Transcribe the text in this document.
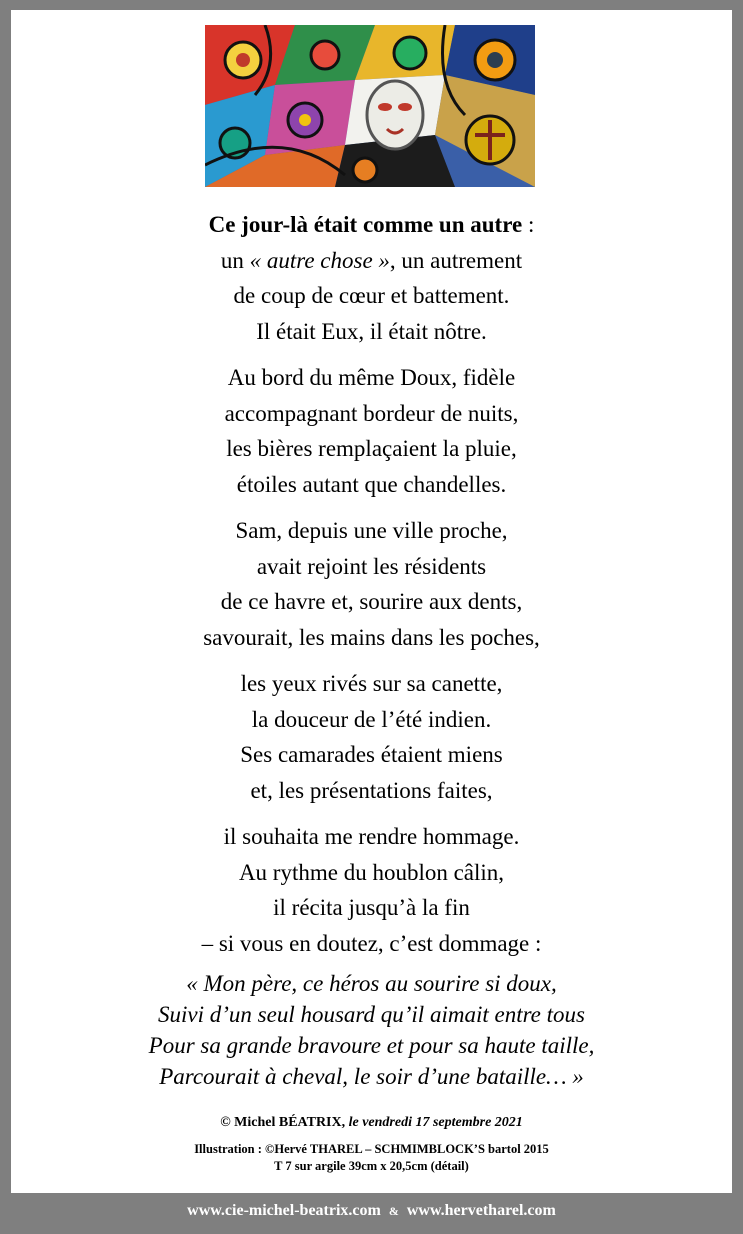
Ce jour-là était comme un autre :
un « autre chose », un autrement
de coup de cœur et battement.
Il était Eux, il était nôtre.
Au bord du même Doux, fidèle
accompagnant bordeur de nuits,
les bières remplaçaient la pluie,
étoiles autant que chandelles.
Sam, depuis une ville proche,
avait rejoint les résidents
de ce havre et, sourire aux dents,
savourait, les mains dans les poches,
les yeux rivés sur sa canette,
la douceur de l’été indien.
Ses camarades étaient miens
et, les présentations faites,
il souhaita me rendre hommage.
Au rythme du houblon câlin,
il récita jusqu’à la fin
– si vous en doutez, c’est dommage :
« Mon père, ce héros au sourire si doux,
Suivi d’un seul housard qu’il aimait entre tous
Pour sa grande bravoure et pour sa haute taille,
Parcourait à cheval, le soir d’une bataille… »
© Michel BÉATRIX, le vendredi 17 septembre 2021
Illustration : ©Hervé THAREL – SCHMIMBLOCK’S bartol 2015
T 7 sur argile 39cm x 20,5cm (détail)
www.cie-michel-beatrix.com & www.hervetharel.com
